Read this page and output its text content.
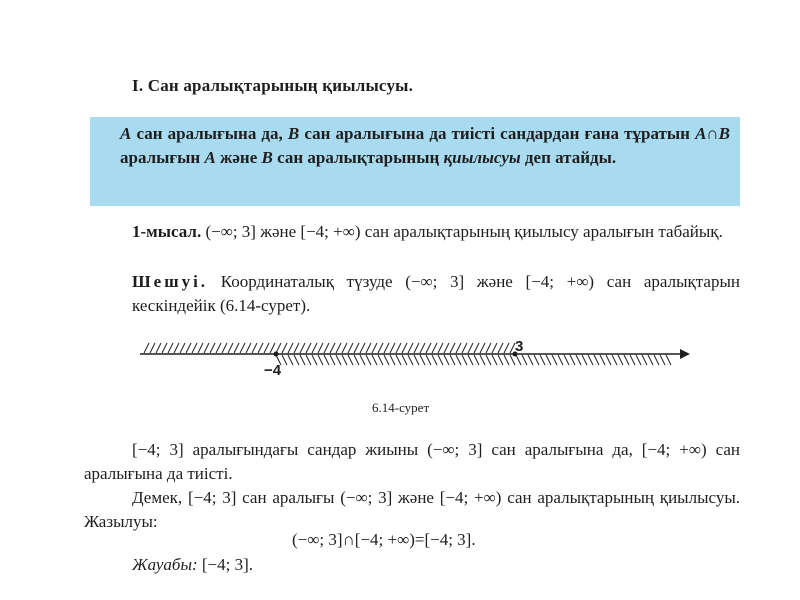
I. Сан аралықтарының қиылысуы.
A сан аралығына да, B сан аралығына да тиісті сандардан ғана тұратын A∩B аралығын A және B сан аралықтарының қиылысуы деп атайды.
1-мысал. (−∞; 3] және [−4; +∞) сан аралықтарының қиылысу аралығын табайық.
Шешуі. Координаталық түзуде (−∞; 3] және [−4; +∞) сан аралықтарын кескіндейік (6.14-сурет).
−4
3
6.14-сурет
[−4; 3] аралығындағы сандар жиыны (−∞; 3] сан аралығына да, [−4; +∞) сан аралығына да тиісті.
Демек, [−4; 3] сан аралығы (−∞; 3] және [−4; +∞) сан аралықтарының қиылысуы. Жазылуы:
(−∞; 3]∩[−4; +∞)=[−4; 3].
Жауабы: [−4; 3].
